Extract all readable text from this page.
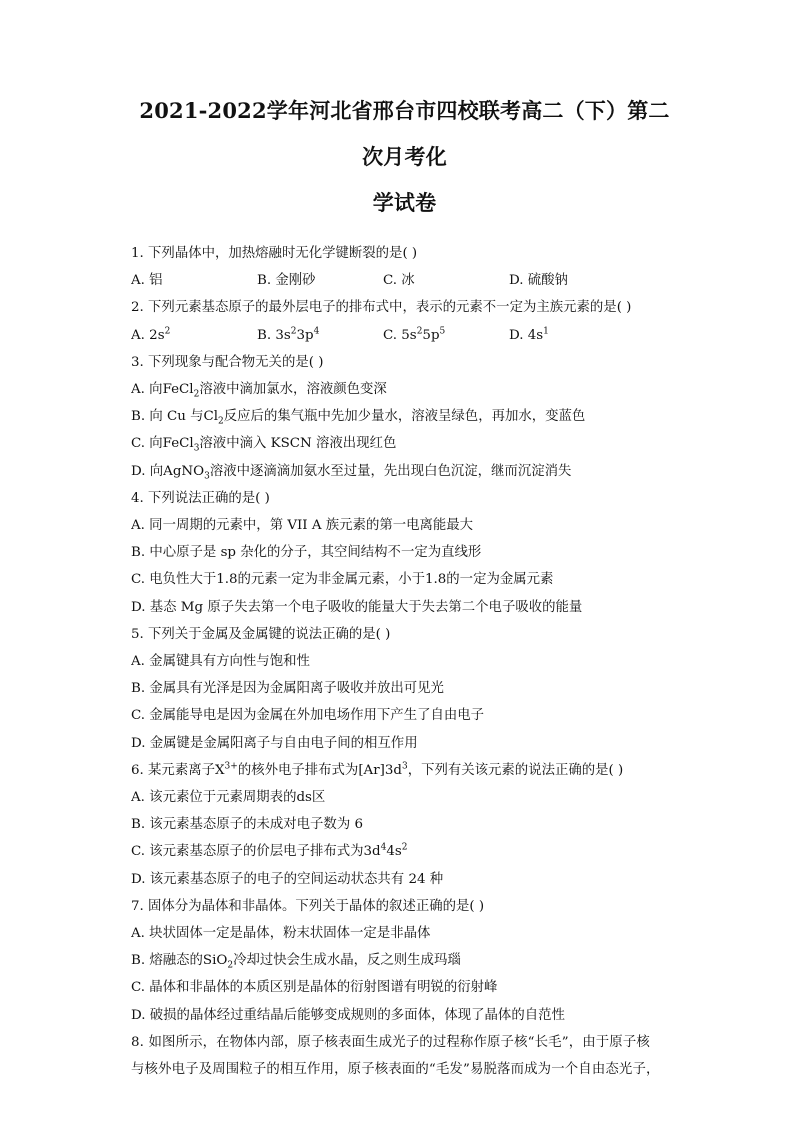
2021-2022学年河北省邢台市四校联考高二（下）第二次月考化
学试卷
1. 下列晶体中，加热熔融时无化学键断裂的是( )
A. 铝	B. 金刚砂	C. 冰	D. 硫酸钠
2. 下列元素基态原子的最外层电子的排布式中，表示的元素不一定为主族元素的是( )
A. $2s^2$	B. $3s^23p^4$	C. $5s^25p^5$	D. $4s^1$
3. 下列现象与配合物无关的是( )
A. 向FeCl$_2$溶液中滴加氯水，溶液颜色变深
B. 向 Cu 与$Cl_2$反应后的集气瓶中先加少量水，溶液呈绿色，再加水，变蓝色
C. 向FeCl$_3$溶液中滴入 KSCN 溶液出现红色
D. 向AgNO$_3$溶液中逐滴滴加氨水至过量，先出现白色沉淀，继而沉淀消失
4. 下列说法正确的是( )
A. 同一周期的元素中，第 VII A 族元素的第一电离能最大
B. 中心原子是 sp 杂化的分子，其空间结构不一定为直线形
C. 电负性大于1.8的元素一定为非金属元素，小于1.8的一定为金属元素
D. 基态 Mg 原子失去第一个电子吸收的能量大于失去第二个电子吸收的能量
5. 下列关于金属及金属键的说法正确的是( )
A. 金属键具有方向性与饱和性
B. 金属具有光泽是因为金属阳离子吸收并放出可见光
C. 金属能导电是因为金属在外加电场作用下产生了自由电子
D. 金属键是金属阳离子与自由电子间的相互作用
6. 某元素离子$X^{3+}$的核外电子排布式为$[Ar]3d^3$，下列有关该元素的说法正确的是( )
A. 该元素位于元素周期表的ds区
B. 该元素基态原子的未成对电子数为 6
C. 该元素基态原子的价层电子排布式为$3d^44s^2$
D. 该元素基态原子的电子的空间运动状态共有 24 种
7. 固体分为晶体和非晶体。下列关于晶体的叙述正确的是( )
A. 块状固体一定是晶体，粉末状固体一定是非晶体
B. 熔融态的SiO$_2$冷却过快会生成水晶，反之则生成玛瑙
C. 晶体和非晶体的本质区别是晶体的衍射图谱有明锐的衍射峰
D. 破损的晶体经过重结晶后能够变成规则的多面体，体现了晶体的自范性
8. 如图所示，在物体内部，原子核表面生成光子的过程称作原子核“长毛”，由于原子核
与核外电子及周围粒子的相互作用，原子核表面的“毛发”易脱落而成为一个自由态光子，
